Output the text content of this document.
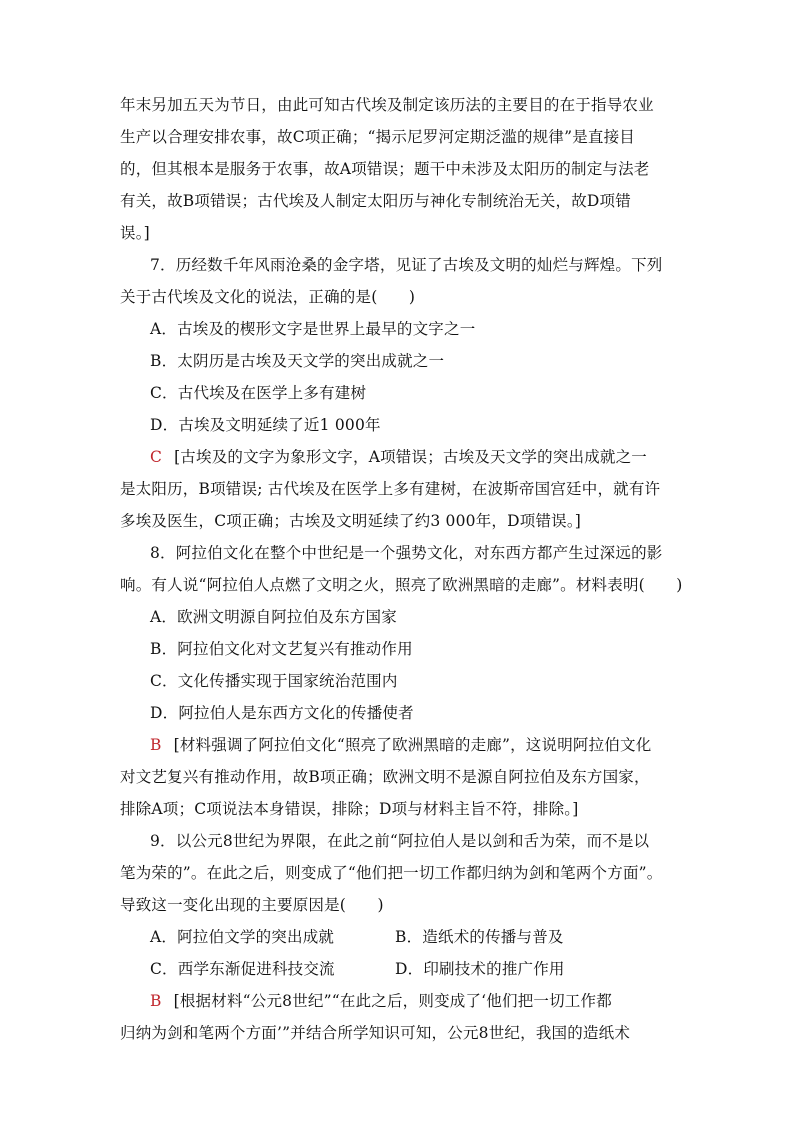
年末另加五天为节日，由此可知古代埃及制定该历法的主要目的在于指导农业
生产以合理安排农事，故C项正确；“揭示尼罗河定期泛滥的规律”是直接目
的，但其根本是服务于农事，故A项错误；题干中未涉及太阳历的制定与法老
有关，故B项错误；古代埃及人制定太阳历与神化专制统治无关，故D项错
误。]
7．历经数千年风雨沧桑的金字塔，见证了古埃及文明的灿烂与辉煌。下列
关于古代埃及文化的说法，正确的是(　　)
A．古埃及的楔形文字是世界上最早的文字之一
B．太阴历是古埃及天文学的突出成就之一
C．古代埃及在医学上多有建树
D．古埃及文明延续了近1 000年
C [古埃及的文字为象形文字，A项错误；古埃及天文学的突出成就之一
是太阳历，B项错误; 古代埃及在医学上多有建树，在波斯帝国宫廷中，就有许
多埃及医生，C项正确；古埃及文明延续了约3 000年，D项错误。]
8．阿拉伯文化在整个中世纪是一个强势文化，对东西方都产生过深远的影
响。有人说“阿拉伯人点燃了文明之火，照亮了欧洲黑暗的走廊”。材料表明(　　)
A．欧洲文明源自阿拉伯及东方国家
B．阿拉伯文化对文艺复兴有推动作用
C．文化传播实现于国家统治范围内
D．阿拉伯人是东西方文化的传播使者
B [材料强调了阿拉伯文化“照亮了欧洲黑暗的走廊”，这说明阿拉伯文化
对文艺复兴有推动作用，故B项正确；欧洲文明不是源自阿拉伯及东方国家，
排除A项；C项说法本身错误，排除；D项与材料主旨不符，排除。]
9．以公元8世纪为界限，在此之前“阿拉伯人是以剑和舌为荣，而不是以
笔为荣的”。在此之后，则变成了“他们把一切工作都归纳为剑和笔两个方面”。
导致这一变化出现的主要原因是(　　)
A．阿拉伯文学的突出成就	B．造纸术的传播与普及
C．西学东渐促进科技交流	D．印刷技术的推广作用
B [根据材料“公元8世纪”“在此之后，则变成了‘他们把一切工作都
归纳为剑和笔两个方面’”并结合所学知识可知，公元8世纪，我国的造纸术
